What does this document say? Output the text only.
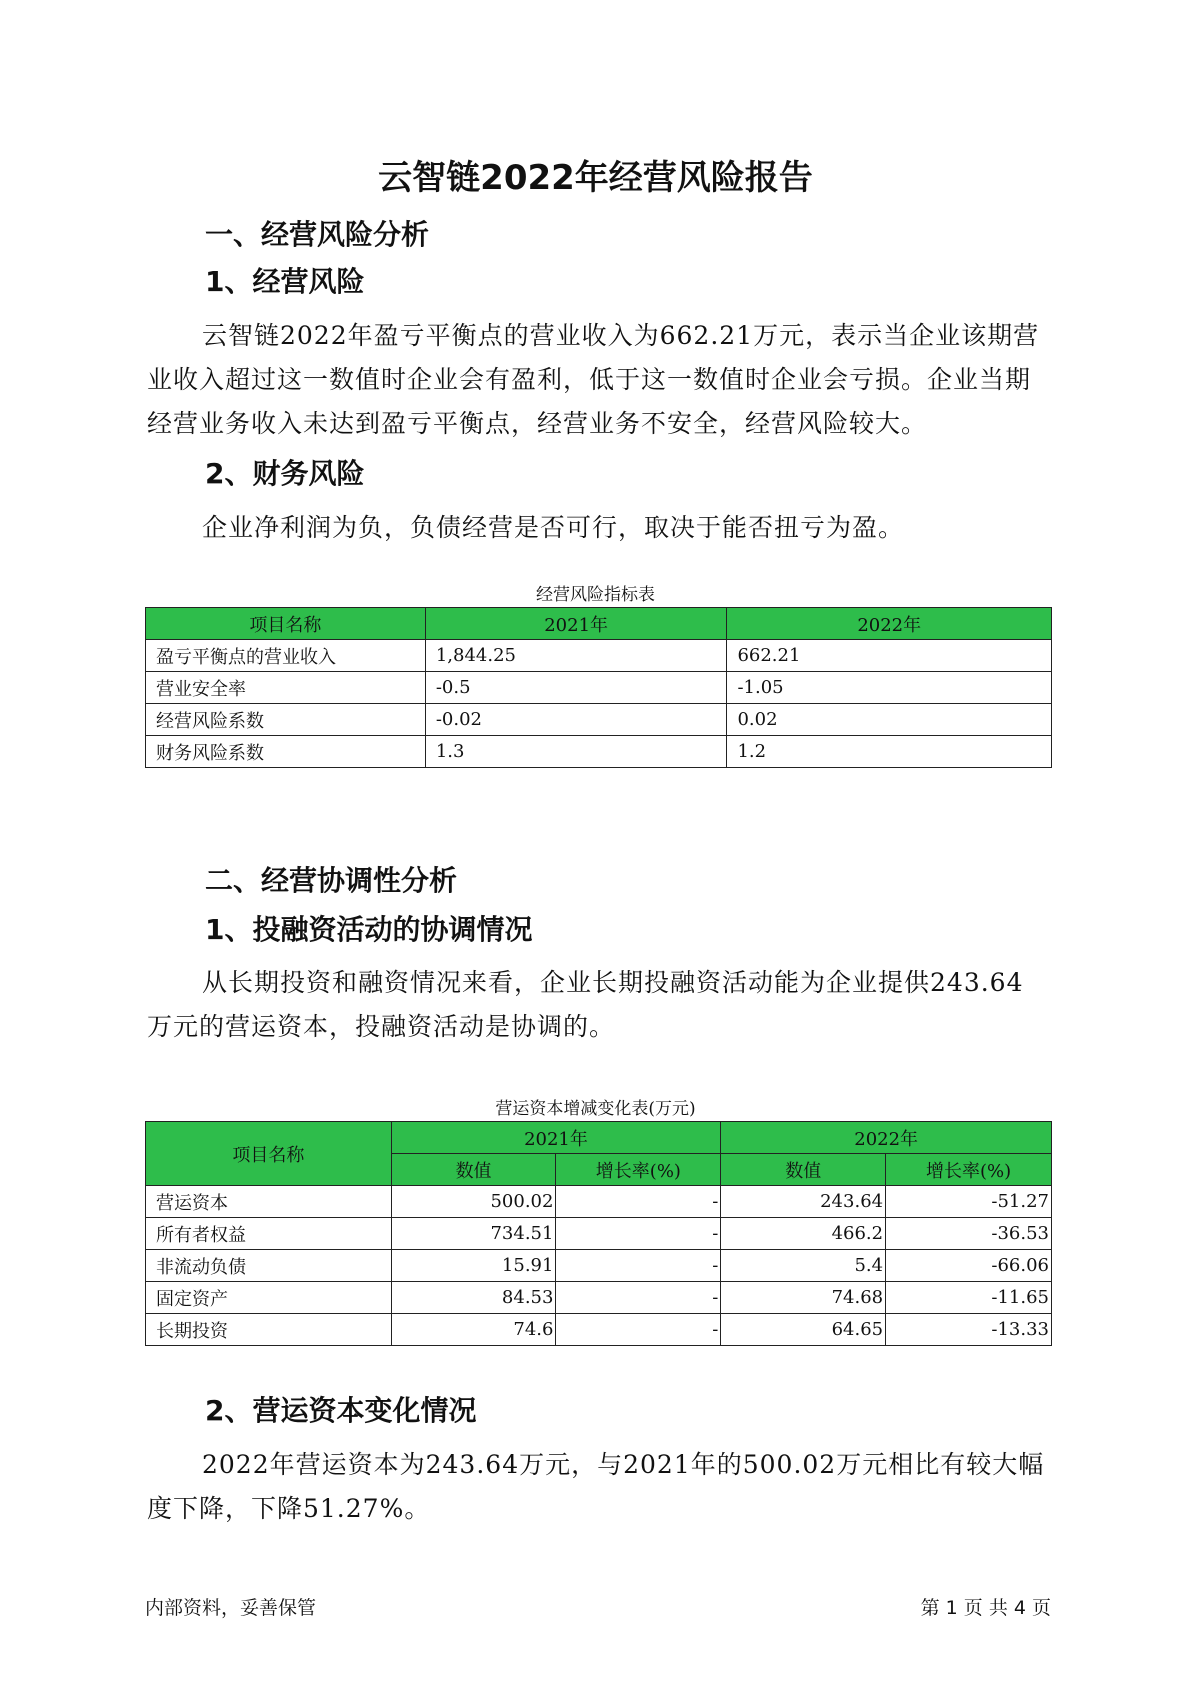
云智链2022年经营风险报告
一、经营风险分析
1、经营风险

云智链2022年盈亏平衡点的营业收入为662.21万元，表示当企业该期营业收入超过这一数值时企业会有盈利，低于这一数值时企业会亏损。企业当期经营业务收入未达到盈亏平衡点，经营业务不安全，经营风险较大。

2、财务风险

企业净利润为负，负债经营是否可行，取决于能否扭亏为盈。

经营风险指标表

项目名称	2021年	2022年
盈亏平衡点的营业收入	1,844.25	662.21
营业安全率	-0.5	-1.05
经营风险系数	-0.02	0.02
财务风险系数	1.3	1.2
二、经营协调性分析
1、投融资活动的协调情况

从长期投资和融资情况来看，企业长期投融资活动能为企业提供243.64万元的营运资本，投融资活动是协调的。

营运资本增减变化表(万元)

项目名称	2021年		2022年	
	数值	增长率(%)	数值	增长率(%)
营运资本	500.02	-	243.64	-51.27
所有者权益	734.51	-	466.2	-36.53
非流动负债	15.91	-	5.4	-66.06
固定资产	84.53	-	74.68	-11.65
长期投资	74.6	-	64.65	-13.33
2、营运资本变化情况

2022年营运资本为243.64万元，与2021年的500.02万元相比有较大幅度下降，下降51.27%。

内部资料，妥善保管	第 1 页 共 4 页
